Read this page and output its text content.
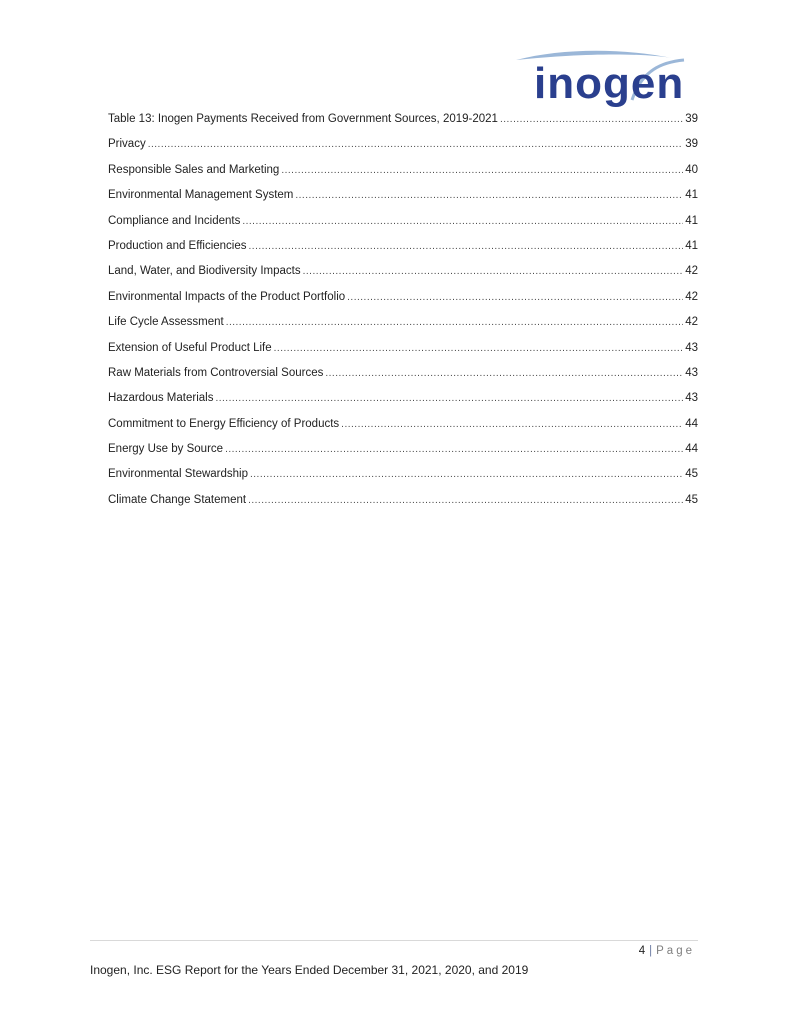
inogen
Table 13: Inogen Payments Received from Government Sources, 2019-2021 .....	39
Privacy .....	39
Responsible Sales and Marketing .....	40
Environmental Management System .....	41
Compliance and Incidents .....	41
Production and Efficiencies .....	41
Land, Water, and Biodiversity Impacts .....	42
Environmental Impacts of the Product Portfolio .....	42
Life Cycle Assessment .....	42
Extension of Useful Product Life .....	43
Raw Materials from Controversial Sources .....	43
Hazardous Materials .....	43
Commitment to Energy Efficiency of Products .....	44
Energy Use by Source .....	44
Environmental Stewardship .....	45
Climate Change Statement .....	45
4 | Page
Inogen, Inc. ESG Report for the Years Ended December 31, 2021, 2020, and 2019
